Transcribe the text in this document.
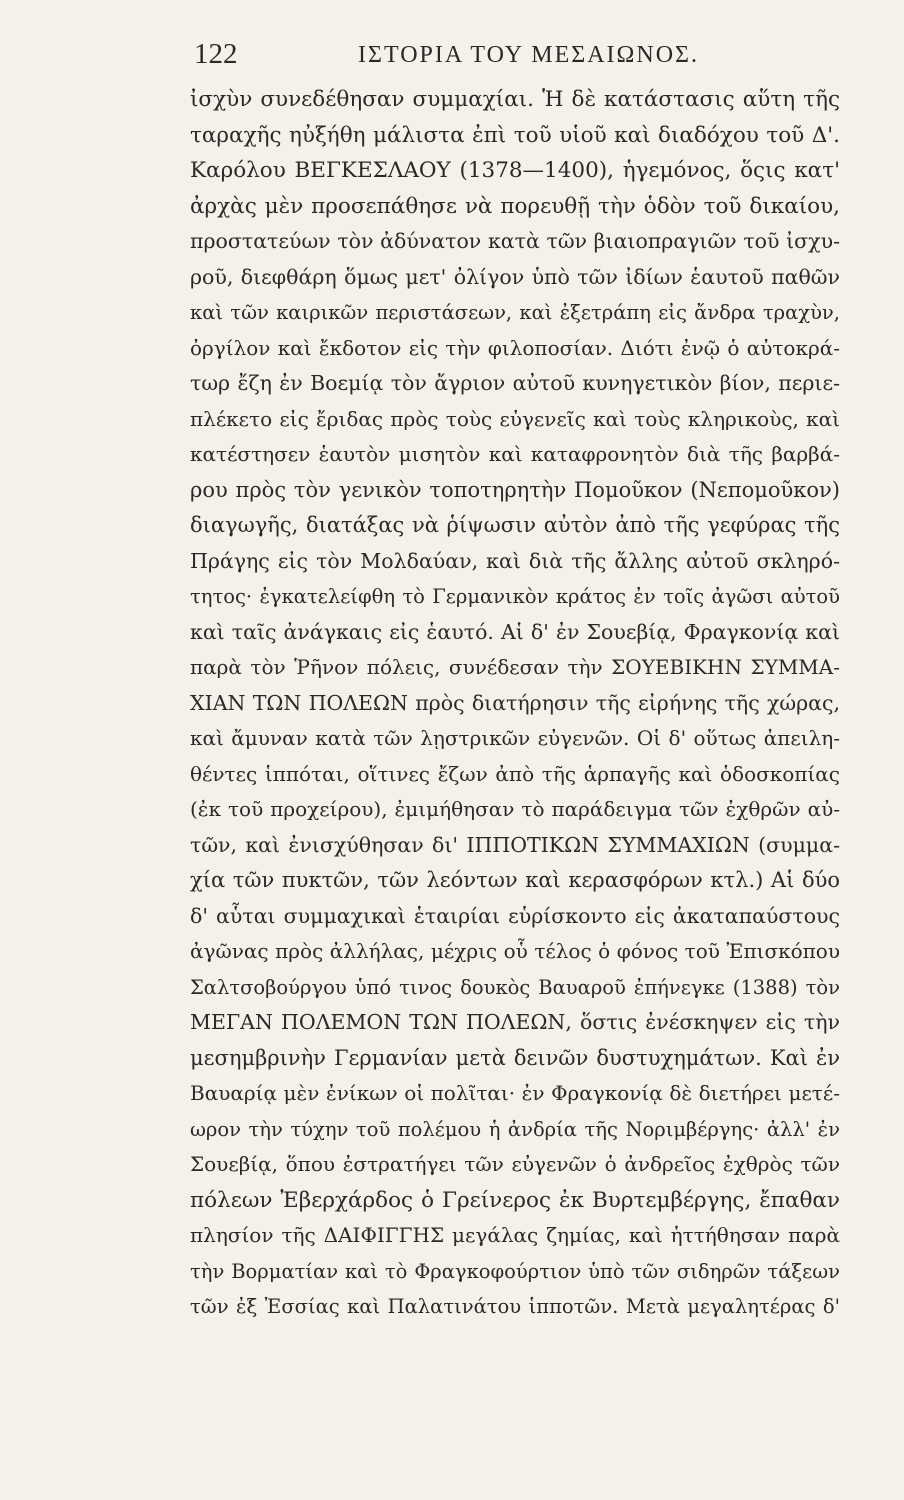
122	ΙΣΤΟΡΙΑ ΤΟΥ ΜΕΣΑΙΩΝΟΣ.
ἰσχὺν συνεδέθησαν συμμαχίαι. Ἡ δὲ κατάστασις αὕτη τῆς
ταραχῆς ηὐξήθη μάλιστα ἐπὶ τοῦ υἱοῦ καὶ διαδόχου τοῦ Δ'.
Καρόλου ΒΕΓΚΕΣΛΑΟΥ (1378—1400), ἡγεμόνος, ὅςις κατ'
ἀρχὰς μὲν προσεπάθησε νὰ πορευθῇ τὴν ὁδὸν τοῦ δικαίου,
προστατεύων τὸν ἀδύνατον κατὰ τῶν βιαιοπραγιῶν τοῦ ἰσχυ-
ροῦ, διεφθάρη ὅμως μετ' ὀλίγον ὑπὸ τῶν ἰδίων ἑαυτοῦ παθῶν
καὶ τῶν καιρικῶν περιστάσεων, καὶ ἐξετράπη εἰς ἄνδρα τραχὺν,
ὀργίλον καὶ ἔκδοτον εἰς τὴν φιλοποσίαν. Διότι ἐνῷ ὁ αὐτοκρά-
τωρ ἔζη ἐν Βοεμίᾳ τὸν ἄγριον αὐτοῦ κυνηγετικὸν βίον, περιε-
πλέκετο εἰς ἔριδας πρὸς τοὺς εὐγενεῖς καὶ τοὺς κληρικοὺς, καὶ
κατέστησεν ἑαυτὸν μισητὸν καὶ καταφρονητὸν διὰ τῆς βαρβά-
ρου πρὸς τὸν γενικὸν τοποτηρητὴν Πομοῦκον (Νεπομοῦκον)
διαγωγῆς, διατάξας νὰ ῥίψωσιν αὐτὸν ἀπὸ τῆς γεφύρας τῆς
Πράγης εἰς τὸν Μολδαύαν, καὶ διὰ τῆς ἄλλης αὐτοῦ σκληρό-
τητος· ἐγκατελείφθη τὸ Γερμανικὸν κράτος ἐν τοῖς ἀγῶσι αὐτοῦ
καὶ ταῖς ἀνάγκαις εἰς ἑαυτό. Αἱ δ' ἐν Σουεβίᾳ, Φραγκονίᾳ καὶ
παρὰ τὸν Ῥῆνον πόλεις, συνέδεσαν τὴν ΣΟΥΕΒΙΚΗΝ ΣΥΜΜΑ-
ΧΙΑΝ ΤΩΝ ΠΟΛΕΩΝ πρὸς διατήρησιν τῆς εἰρήνης τῆς χώρας,
καὶ ἄμυναν κατὰ τῶν λῃστρικῶν εὐγενῶν. Οἱ δ' οὕτως ἀπειλη-
θέντες ἱππόται, οἵτινες ἔζων ἀπὸ τῆς ἁρπαγῆς καὶ ὁδοσκοπίας
(ἐκ τοῦ προχείρου), ἐμιμήθησαν τὸ παράδειγμα τῶν ἐχθρῶν αὐ-
τῶν, καὶ ἐνισχύθησαν δι' ΙΠΠΟΤΙΚΩΝ ΣΥΜΜΑΧΙΩΝ (συμμα-
χία τῶν πυκτῶν, τῶν λεόντων καὶ κερασφόρων κτλ.) Αἱ δύο
δ' αὗται συμμαχικαὶ ἑταιρίαι εὑρίσκοντο εἰς ἀκαταπαύστους
ἀγῶνας πρὸς ἀλλήλας, μέχρις οὗ τέλος ὁ φόνος τοῦ Ἐπισκόπου
Σαλτσοβούργου ὑπό τινος δουκὸς Βαυαροῦ ἐπήνεγκε (1388) τὸν
ΜΕΓΑΝ ΠΟΛΕΜΟΝ ΤΩΝ ΠΟΛΕΩΝ, ὅστις ἐνέσκηψεν εἰς τὴν
μεσημβρινὴν Γερμανίαν μετὰ δεινῶν δυστυχημάτων. Καὶ ἐν
Βαυαρίᾳ μὲν ἐνίκων οἱ πολῖται· ἐν Φραγκονίᾳ δὲ διετήρει μετέ-
ωρον τὴν τύχην τοῦ πολέμου ἡ ἀνδρία τῆς Νοριμβέργης· ἀλλ' ἐν
Σουεβίᾳ, ὅπου ἐστρατήγει τῶν εὐγενῶν ὁ ἀνδρεῖος ἐχθρὸς τῶν
πόλεων Ἐβερχάρδος ὁ Γρείνερος ἐκ Βυρτεμβέργης, ἔπαθαν
πλησίον τῆς ΔΑΙΦΙΓΓΗΣ μεγάλας ζημίας, καὶ ἡττήθησαν παρὰ
τὴν Βορματίαν καὶ τὸ Φραγκοφούρτιον ὑπὸ τῶν σιδηρῶν τάξεων
τῶν ἐξ Ἐσσίας καὶ Παλατινάτου ἱπποτῶν. Μετὰ μεγαλητέρας δ'
